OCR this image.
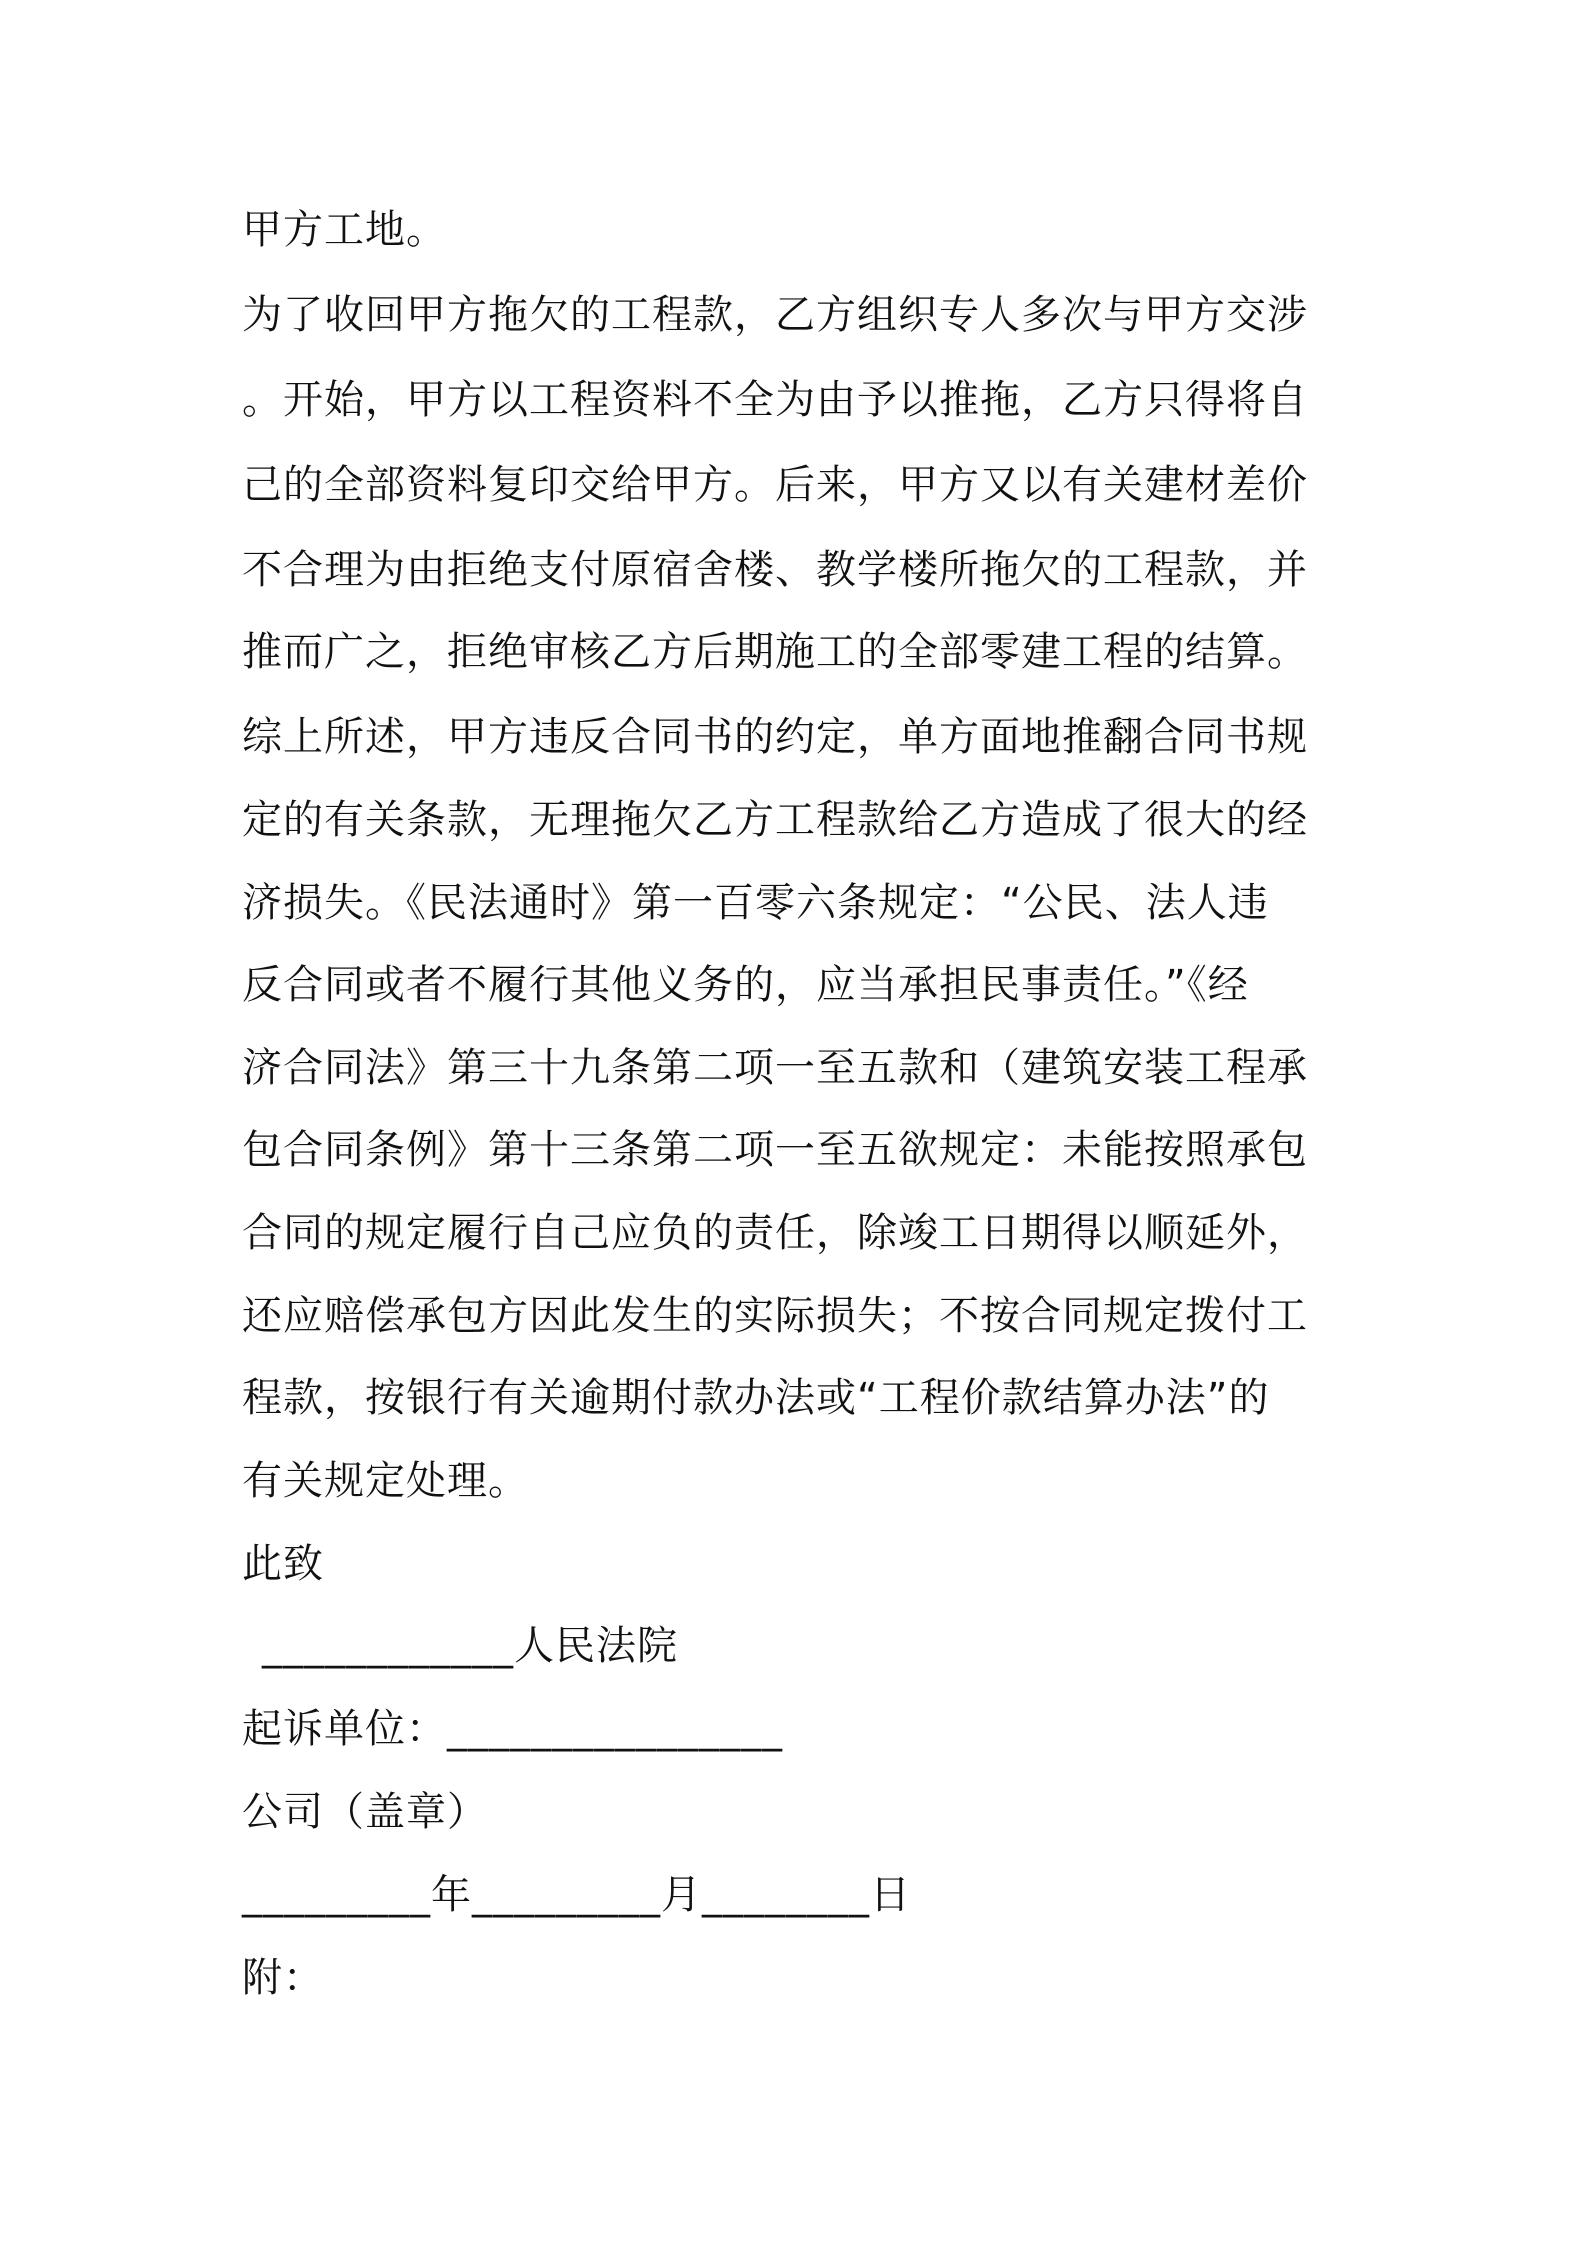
甲方工地。
为了收回甲方拖欠的工程款，乙方组织专人多次与甲方交涉
。开始，甲方以工程资料不全为由予以推拖，乙方只得将自
己的全部资料复印交给甲方。后来，甲方又以有关建材差价
不合理为由拒绝支付原宿舍楼、教学楼所拖欠的工程款，并
推而广之，拒绝审核乙方后期施工的全部零建工程的结算。
综上所述，甲方违反合同书的约定，单方面地推翻合同书规
定的有关条款，无理拖欠乙方工程款给乙方造成了很大的经
济损失。《民法通时》第一百零六条规定：“公民、法人违
反合同或者不履行其他义务的，应当承担民事责任。”《经
济合同法》第三十九条第二项一至五款和（建筑安装工程承
包合同条例》第十三条第二项一至五欲规定：未能按照承包
合同的规定履行自己应负的责任，除竣工日期得以顺延外，
还应赔偿承包方因此发生的实际损失；不按合同规定拨付工
程款，按银行有关逾期付款办法或“工程价款结算办法”的
有关规定处理。
此致
____________人民法院
起诉单位：________________
公司（盖章）
_________年_________月________日
附：
